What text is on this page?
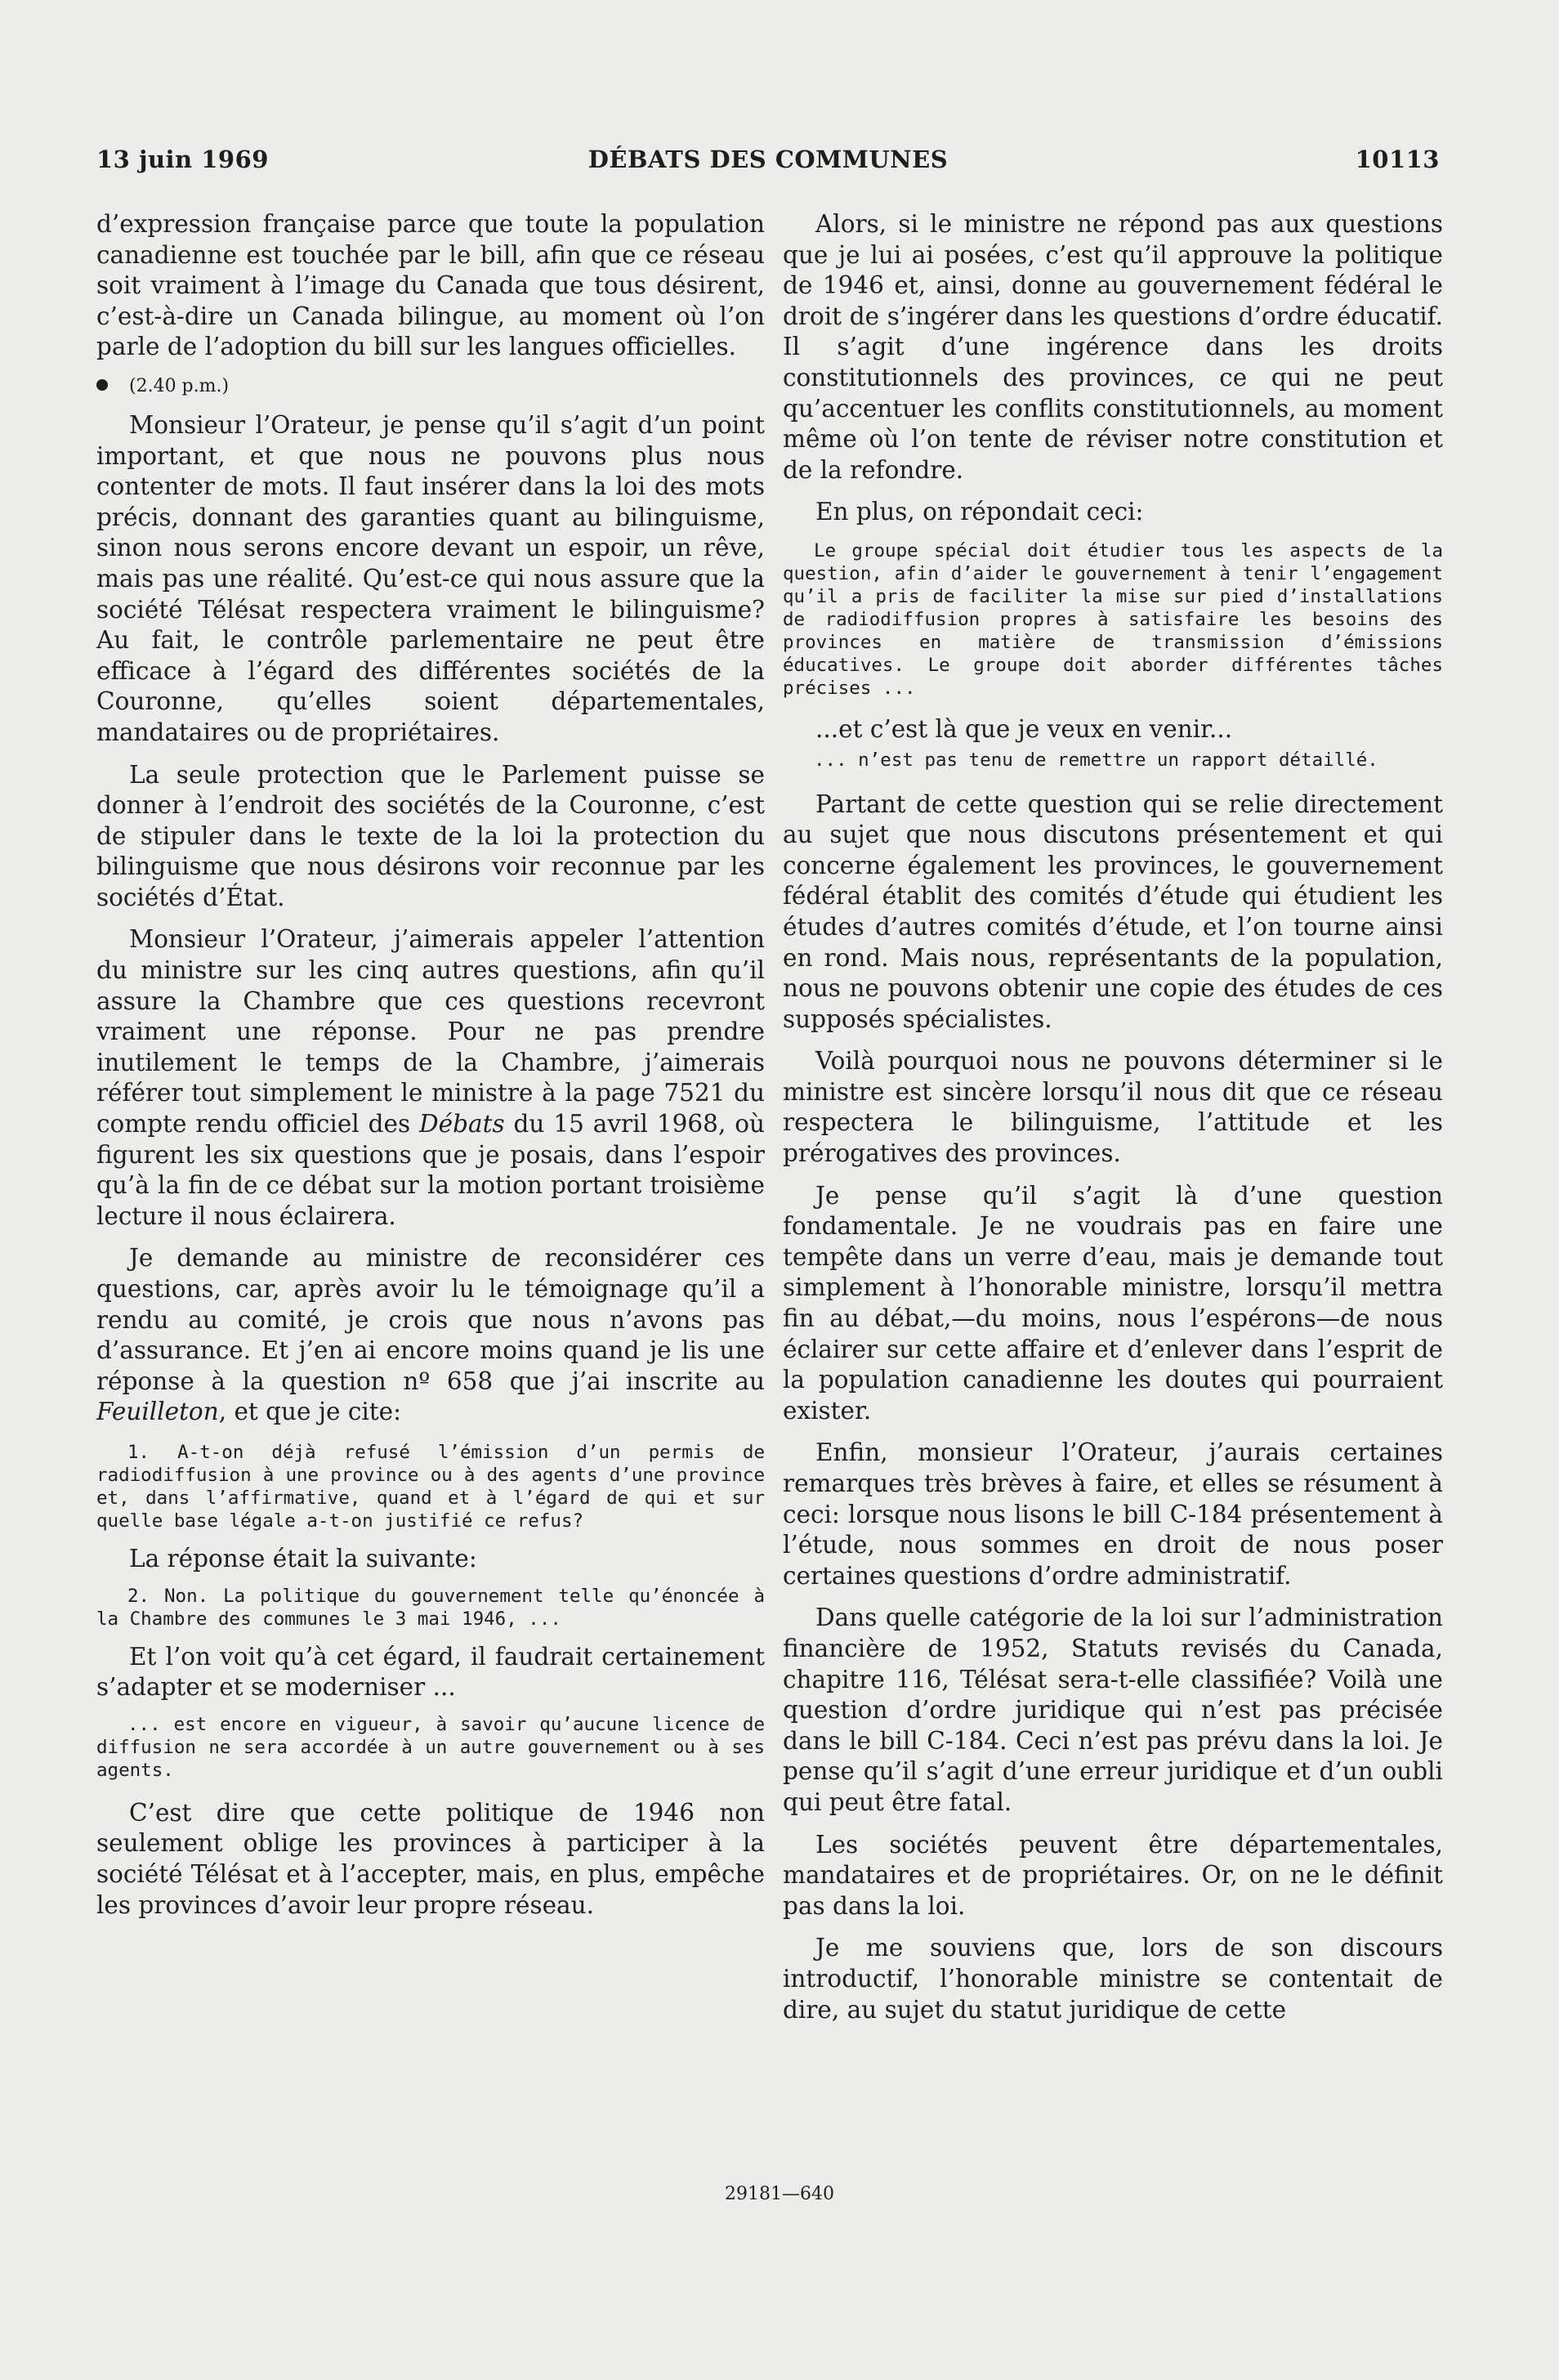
13 juin 1969	DÉBATS DES COMMUNES	10113

d’expression française parce que toute la population canadienne est touchée par le bill, afin que ce réseau soit vraiment à l’image du Canada que tous désirent, c’est-à-dire un Canada bilingue, au moment où l’on parle de l’adoption du bill sur les langues officielles.

(2.40 p.m.)

Monsieur l’Orateur, je pense qu’il s’agit d’un point important, et que nous ne pouvons plus nous contenter de mots. Il faut insérer dans la loi des mots précis, donnant des garanties quant au bilinguisme, sinon nous serons encore devant un espoir, un rêve, mais pas une réalité. Qu’est-ce qui nous assure que la société Télésat respectera vraiment le bilinguisme? Au fait, le contrôle parlementaire ne peut être efficace à l’égard des différentes sociétés de la Couronne, qu’elles soient départementales, mandataires ou de propriétaires.

La seule protection que le Parlement puisse se donner à l’endroit des sociétés de la Couronne, c’est de stipuler dans le texte de la loi la protection du bilinguisme que nous désirons voir reconnue par les sociétés d’État.

Monsieur l’Orateur, j’aimerais appeler l’attention du ministre sur les cinq autres questions, afin qu’il assure la Chambre que ces questions recevront vraiment une réponse. Pour ne pas prendre inutilement le temps de la Chambre, j’aimerais référer tout simplement le ministre à la page 7521 du compte rendu officiel des Débats du 15 avril 1968, où figurent les six questions que je posais, dans l’espoir qu’à la fin de ce débat sur la motion portant troisième lecture il nous éclairera.

Je demande au ministre de reconsidérer ces questions, car, après avoir lu le témoignage qu’il a rendu au comité, je crois que nous n’avons pas d’assurance. Et j’en ai encore moins quand je lis une réponse à la question nº 658 que j’ai inscrite au Feuilleton, et que je cite:

1. A-t-on déjà refusé l’émission d’un permis de radiodiffusion à une province ou à des agents d’une province et, dans l’affirmative, quand et à l’égard de qui et sur quelle base légale a-t-on justifié ce refus?

La réponse était la suivante:

2. Non. La politique du gouvernement telle qu’énoncée à la Chambre des communes le 3 mai 1946, ...

Et l’on voit qu’à cet égard, il faudrait certainement s’adapter et se moderniser ...

... est encore en vigueur, à savoir qu’aucune licence de diffusion ne sera accordée à un autre gouvernement ou à ses agents.

C’est dire que cette politique de 1946 non seulement oblige les provinces à participer à la société Télésat et à l’accepter, mais, en plus, empêche les provinces d’avoir leur propre réseau.

Alors, si le ministre ne répond pas aux questions que je lui ai posées, c’est qu’il approuve la politique de 1946 et, ainsi, donne au gouvernement fédéral le droit de s’ingérer dans les questions d’ordre éducatif. Il s’agit d’une ingérence dans les droits constitutionnels des provinces, ce qui ne peut qu’accentuer les conflits constitutionnels, au moment même où l’on tente de réviser notre constitution et de la refondre.

En plus, on répondait ceci:

Le groupe spécial doit étudier tous les aspects de la question, afin d’aider le gouvernement à tenir l’engagement qu’il a pris de faciliter la mise sur pied d’installations de radiodiffusion propres à satisfaire les besoins des provinces en matière de transmission d’émissions éducatives. Le groupe doit aborder différentes tâches précises ...

...et c’est là que je veux en venir...

... n’est pas tenu de remettre un rapport détaillé.

Partant de cette question qui se relie directement au sujet que nous discutons présentement et qui concerne également les provinces, le gouvernement fédéral établit des comités d’étude qui étudient les études d’autres comités d’étude, et l’on tourne ainsi en rond. Mais nous, représentants de la population, nous ne pouvons obtenir une copie des études de ces supposés spécialistes.

Voilà pourquoi nous ne pouvons déterminer si le ministre est sincère lorsqu’il nous dit que ce réseau respectera le bilinguisme, l’attitude et les prérogatives des provinces.

Je pense qu’il s’agit là d’une question fondamentale. Je ne voudrais pas en faire une tempête dans un verre d’eau, mais je demande tout simplement à l’honorable ministre, lorsqu’il mettra fin au débat,—du moins, nous l’espérons—de nous éclairer sur cette affaire et d’enlever dans l’esprit de la population canadienne les doutes qui pourraient exister.

Enfin, monsieur l’Orateur, j’aurais certaines remarques très brèves à faire, et elles se résument à ceci: lorsque nous lisons le bill C-184 présentement à l’étude, nous sommes en droit de nous poser certaines questions d’ordre administratif.

Dans quelle catégorie de la loi sur l’administration financière de 1952, Statuts revisés du Canada, chapitre 116, Télésat sera-t-elle classifiée? Voilà une question d’ordre juridique qui n’est pas précisée dans le bill C-184. Ceci n’est pas prévu dans la loi. Je pense qu’il s’agit d’une erreur juridique et d’un oubli qui peut être fatal.

Les sociétés peuvent être départementales, mandataires et de propriétaires. Or, on ne le définit pas dans la loi.

Je me souviens que, lors de son discours introductif, l’honorable ministre se contentait de dire, au sujet du statut juridique de cette

29181—640
